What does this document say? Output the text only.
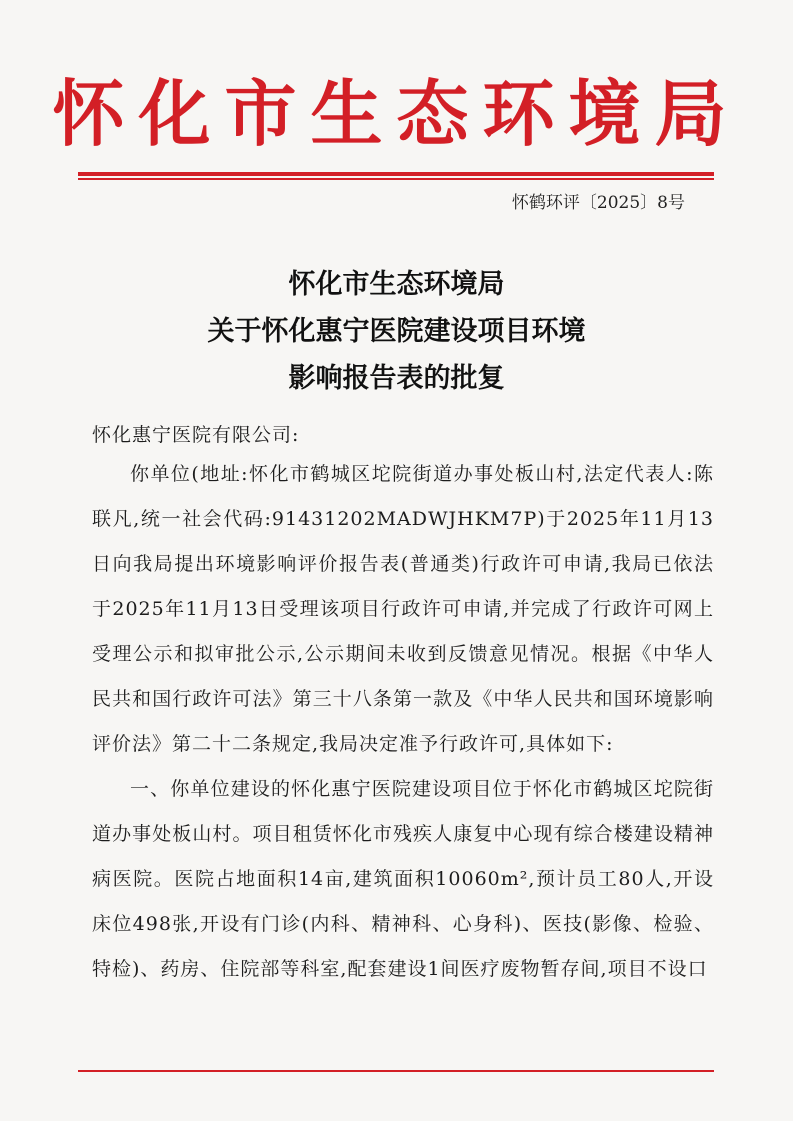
怀化市生态环境局
怀鹤环评〔2025〕8号
怀化市生态环境局
关于怀化惠宁医院建设项目环境
影响报告表的批复
怀化惠宁医院有限公司:

你单位(地址:怀化市鹤城区坨院街道办事处板山村,法定代表人:陈联凡,统一社会代码:91431202MADWJHKM7P)于2025年11月13日向我局提出环境影响评价报告表(普通类)行政许可申请,我局已依法于2025年11月13日受理该项目行政许可申请,并完成了行政许可网上受理公示和拟审批公示,公示期间未收到反馈意见情况。根据《中华人民共和国行政许可法》第三十八条第一款及《中华人民共和国环境影响评价法》第二十二条规定,我局决定准予行政许可,具体如下:

一、你单位建设的怀化惠宁医院建设项目位于怀化市鹤城区坨院街道办事处板山村。项目租赁怀化市残疾人康复中心现有综合楼建设精神病医院。医院占地面积14亩,建筑面积10060m²,预计员工80人,开设床位498张,开设有门诊(内科、精神科、心身科)、医技(影像、检验、特检)、药房、住院部等科室,配套建设1间医疗废物暂存间,项目不设口
